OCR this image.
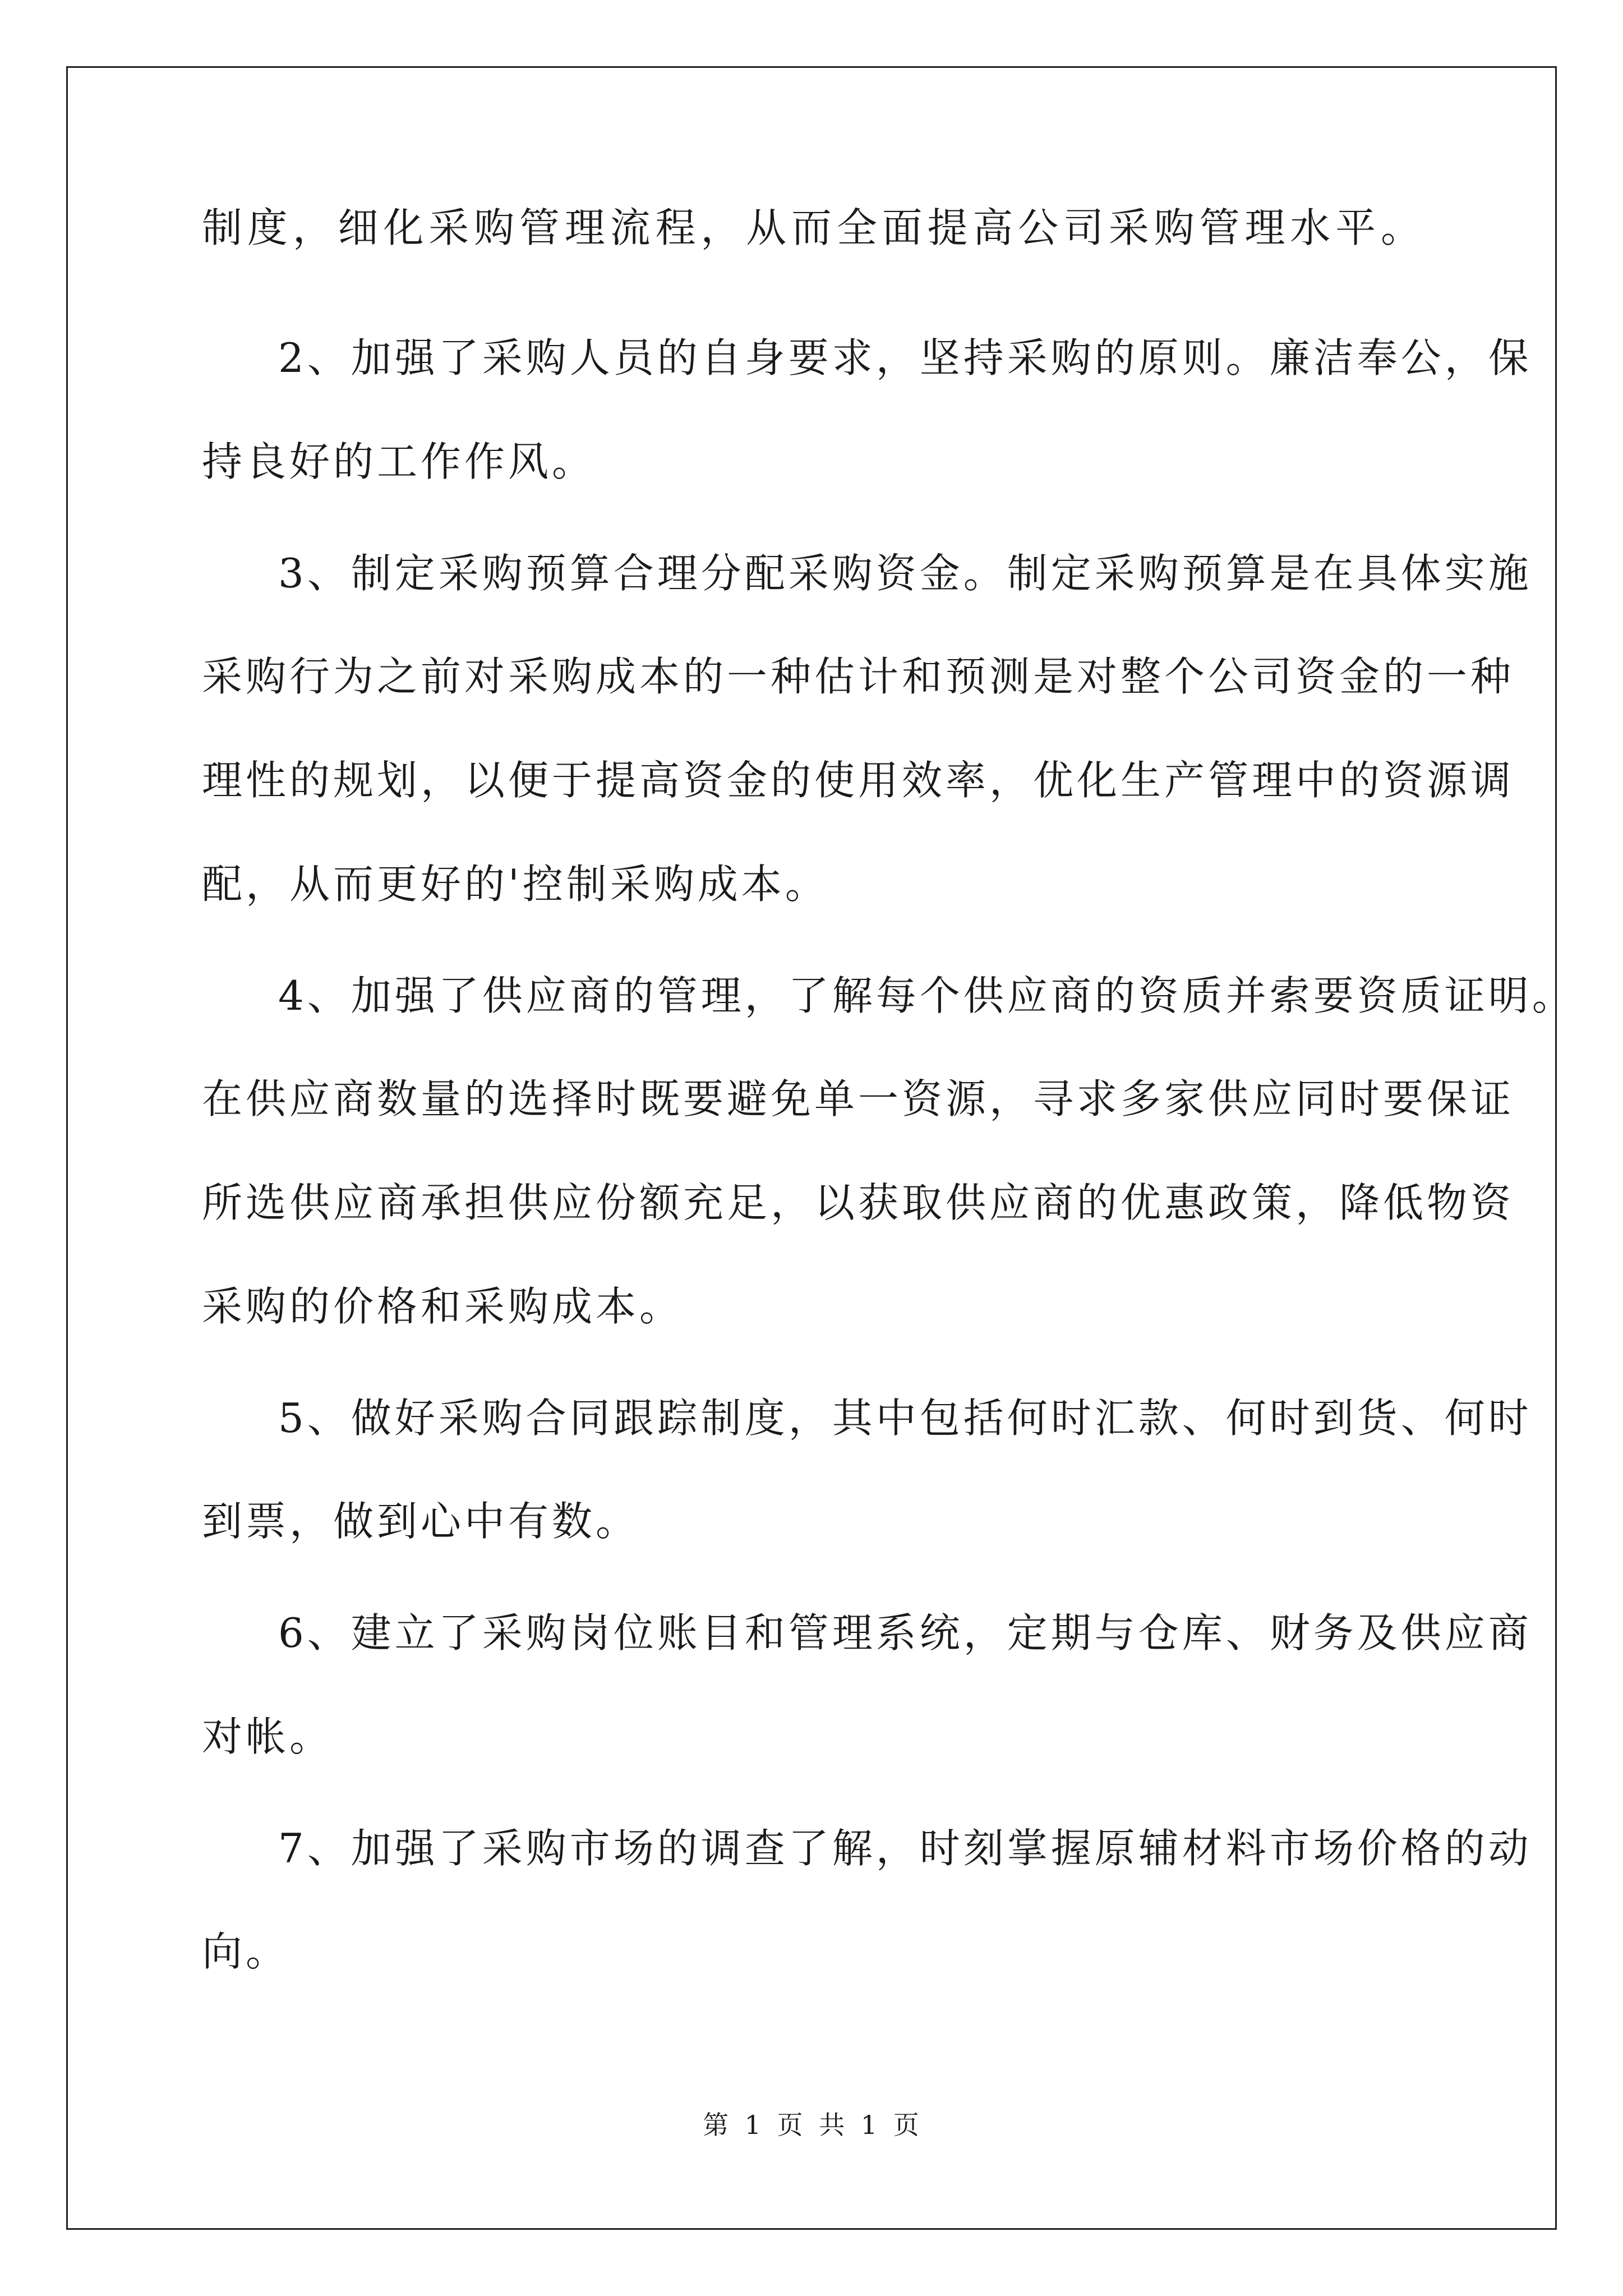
制度，细化采购管理流程，从而全面提高公司采购管理水平。
2、加强了采购人员的自身要求，坚持采购的原则。廉洁奉公，保
持良好的工作作风。
3、制定采购预算合理分配采购资金。制定采购预算是在具体实施
采购行为之前对采购成本的一种估计和预测是对整个公司资金的一种
理性的规划，以便于提高资金的使用效率，优化生产管理中的资源调
配，从而更好的'控制采购成本。
4、加强了供应商的管理，了解每个供应商的资质并索要资质证明。
在供应商数量的选择时既要避免单一资源，寻求多家供应同时要保证
所选供应商承担供应份额充足，以获取供应商的优惠政策，降低物资
采购的价格和采购成本。
5、做好采购合同跟踪制度，其中包括何时汇款、何时到货、何时
到票，做到心中有数。
6、建立了采购岗位账目和管理系统，定期与仓库、财务及供应商
对帐。
7、加强了采购市场的调查了解，时刻掌握原辅材料市场价格的动
向。
第 1 页 共 1 页
